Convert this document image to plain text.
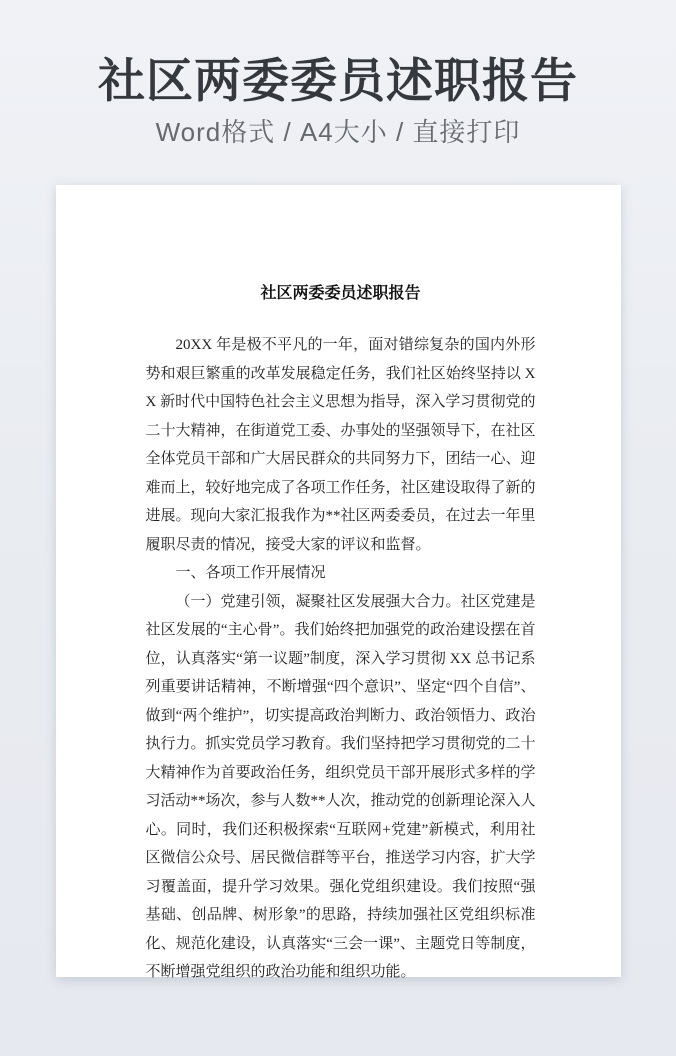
社区两委委员述职报告
Word格式 / A4大小 / 直接打印
社区两委委员述职报告

20XX 年是极不平凡的一年，面对错综复杂的国内外形势和艰巨繁重的改革发展稳定任务，我们社区始终坚持以 XX 新时代中国特色社会主义思想为指导，深入学习贯彻党的二十大精神，在街道党工委、办事处的坚强领导下，在社区全体党员干部和广大居民群众的共同努力下，团结一心、迎难而上，较好地完成了各项工作任务，社区建设取得了新的进展。现向大家汇报我作为**社区两委委员，在过去一年里履职尽责的情况，接受大家的评议和监督。

一、各项工作开展情况

（一）党建引领，凝聚社区发展强大合力。社区党建是社区发展的“主心骨”。我们始终把加强党的政治建设摆在首位，认真落实“第一议题”制度，深入学习贯彻 XX 总书记系列重要讲话精神，不断增强“四个意识”、坚定“四个自信”、做到“两个维护”，切实提高政治判断力、政治领悟力、政治执行力。抓实党员学习教育。我们坚持把学习贯彻党的二十大精神作为首要政治任务，组织党员干部开展形式多样的学习活动**场次，参与人数**人次，推动党的创新理论深入人心。同时，我们还积极探索“互联网+党建”新模式，利用社区微信公众号、居民微信群等平台，推送学习内容，扩大学习覆盖面，提升学习效果。强化党组织建设。我们按照“强基础、创品牌、树形象”的思路，持续加强社区党组织标准化、规范化建设，认真落实“三会一课”、主题党日等制度，不断增强党组织的政治功能和组织功能。
